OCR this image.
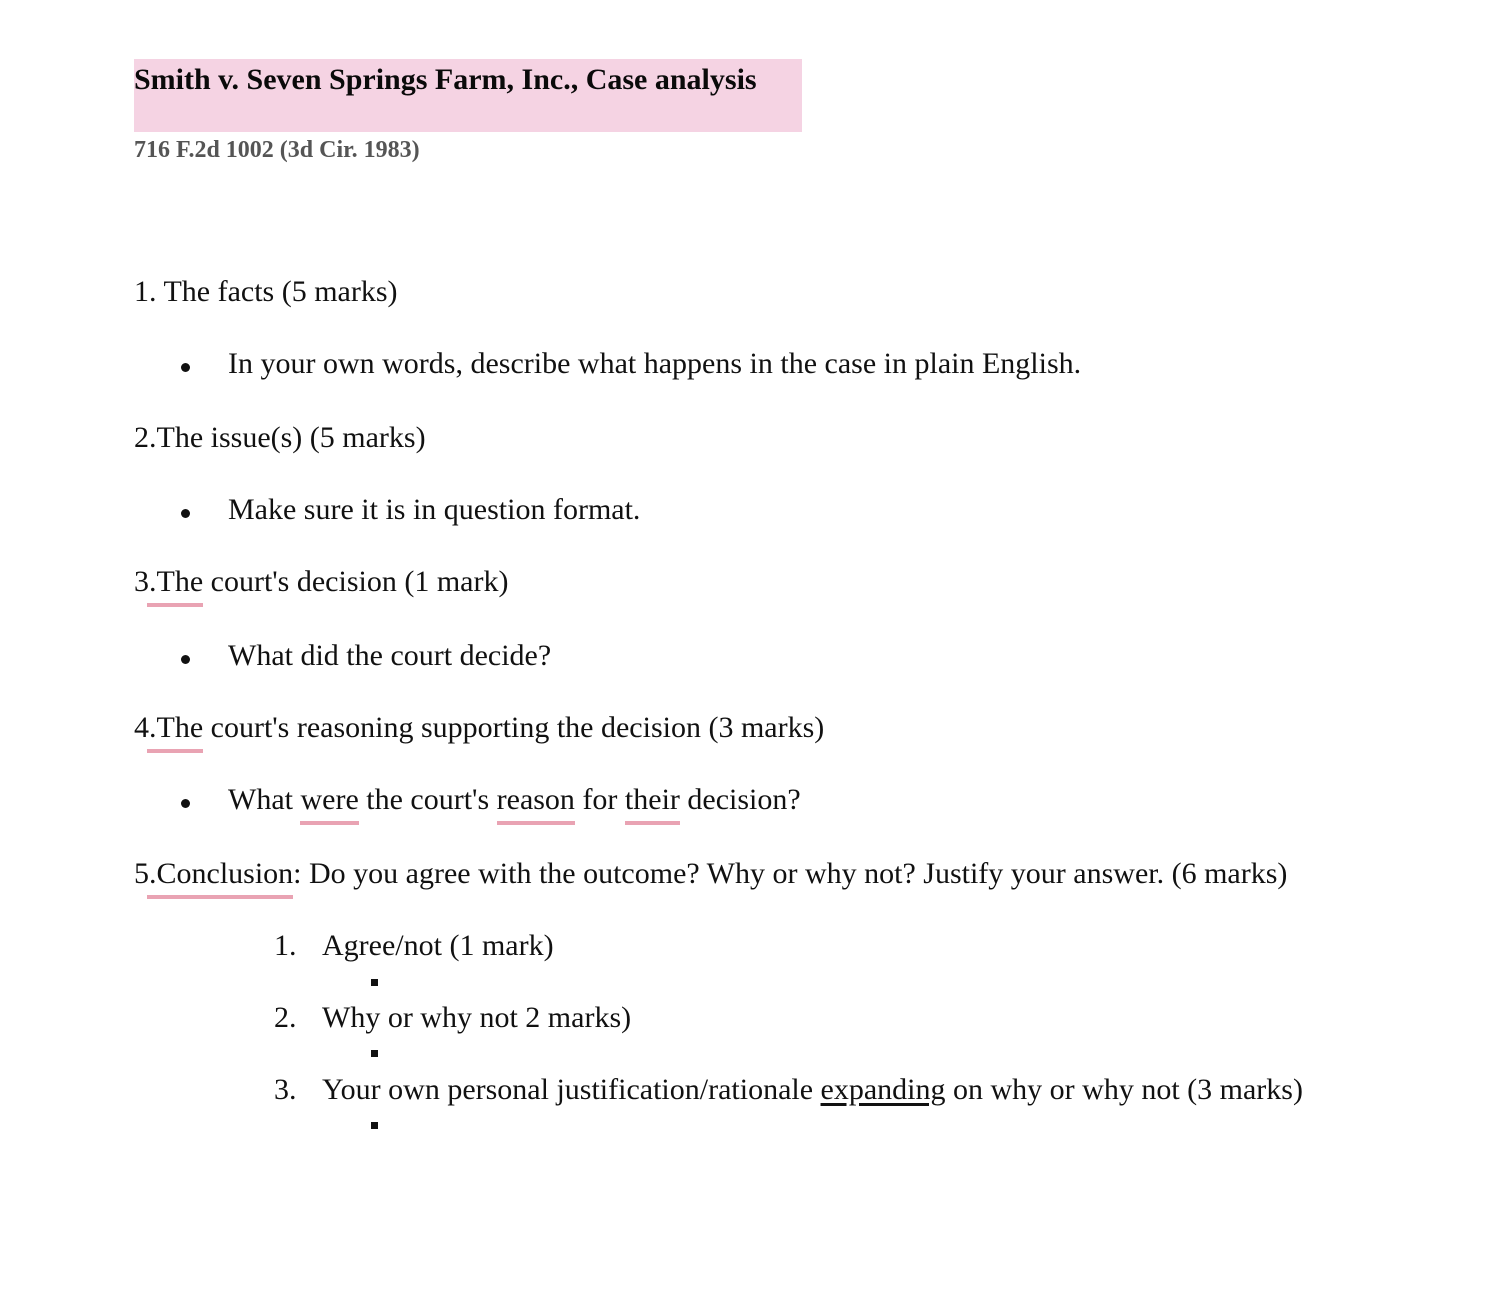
Smith v. Seven Springs Farm, Inc., Case analysis
716 F.2d 1002 (3d Cir. 1983)
1. The facts (5 marks)
In your own words, describe what happens in the case in plain English.
2.The issue(s) (5 marks)
Make sure it is in question format.
3.The court's decision (1 mark)
What did the court decide?
4.The court's reasoning supporting the decision (3 marks)
What were the court's reason for their decision?
5.Conclusion: Do you agree with the outcome? Why or why not? Justify your answer. (6 marks)
1. Agree/not (1 mark)
2. Why or why not 2 marks)
3. Your own personal justification/rationale expanding on why or why not (3 marks)
